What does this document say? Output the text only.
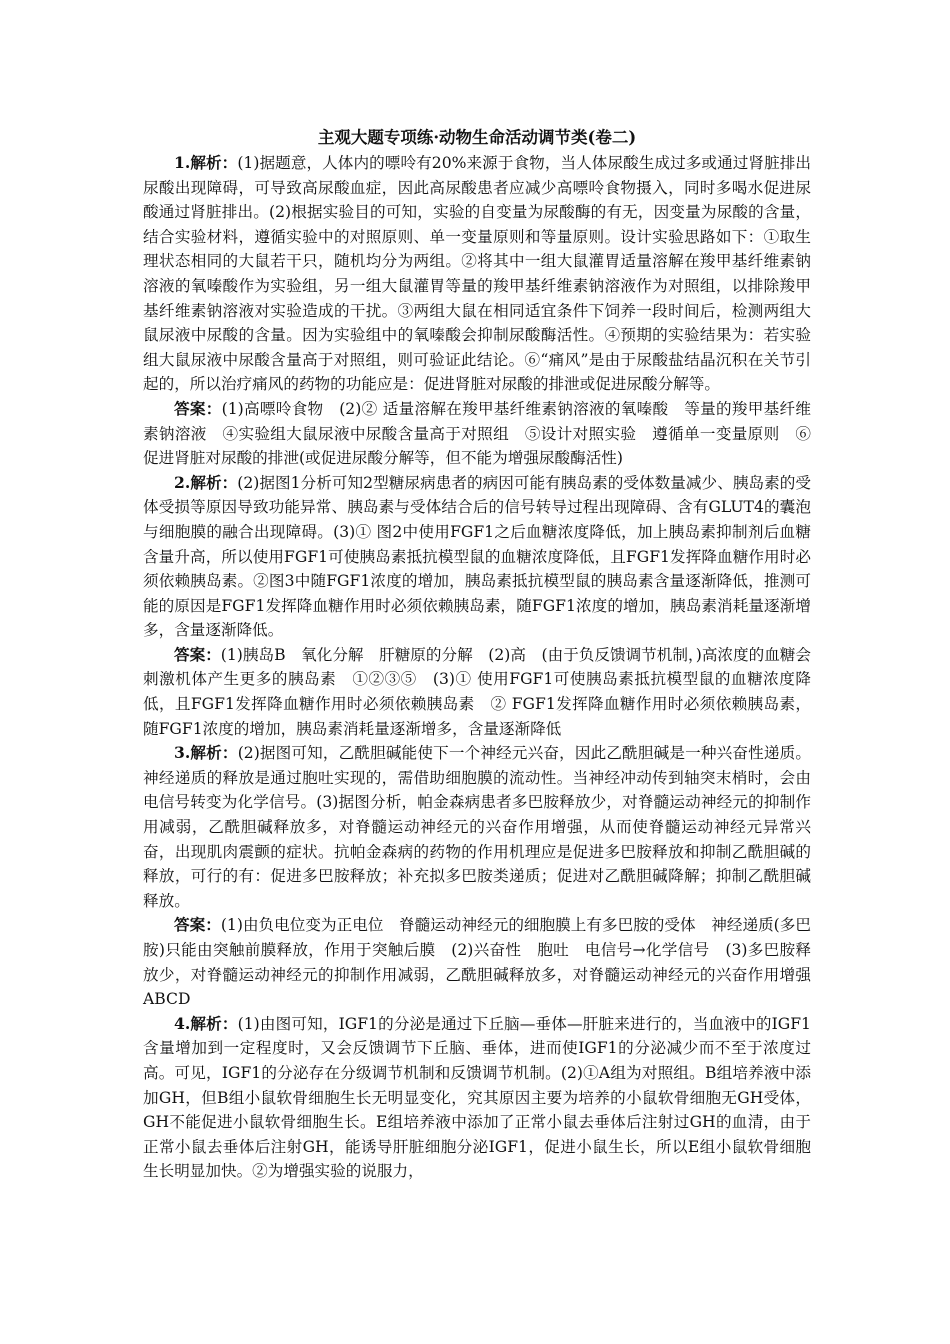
主观大题专项练·动物生命活动调节类(卷二)

1.解析：(1)据题意，人体内的嘌呤有20%来源于食物，当人体尿酸生成过多或通过肾脏排出尿酸出现障碍，可导致高尿酸血症，因此高尿酸患者应减少高嘌呤食物摄入，同时多喝水促进尿酸通过肾脏排出。(2)根据实验目的可知，实验的自变量为尿酸酶的有无，因变量为尿酸的含量，结合实验材料，遵循实验中的对照原则、单一变量原则和等量原则。设计实验思路如下：①取生理状态相同的大鼠若干只，随机均分为两组。②将其中一组大鼠灌胃适量溶解在羧甲基纤维素钠溶液的氧嗪酸作为实验组，另一组大鼠灌胃等量的羧甲基纤维素钠溶液作为对照组，以排除羧甲基纤维素钠溶液对实验造成的干扰。③两组大鼠在相同适宜条件下饲养一段时间后，检测两组大鼠尿液中尿酸的含量。因为实验组中的氧嗪酸会抑制尿酸酶活性。④预期的实验结果为：若实验组大鼠尿液中尿酸含量高于对照组，则可验证此结论。⑥“痛风”是由于尿酸盐结晶沉积在关节引起的，所以治疗痛风的药物的功能应是：促进肾脏对尿酸的排泄或促进尿酸分解等。

答案：(1)高嘌呤食物　(2)② 适量溶解在羧甲基纤维素钠溶液的氧嗪酸　等量的羧甲基纤维素钠溶液　④实验组大鼠尿液中尿酸含量高于对照组　⑤设计对照实验　遵循单一变量原则　⑥促进肾脏对尿酸的排泄(或促进尿酸分解等，但不能为增强尿酸酶活性)

2.解析：(2)据图1分析可知2型糖尿病患者的病因可能有胰岛素的受体数量减少、胰岛素的受体受损等原因导致功能异常、胰岛素与受体结合后的信号转导过程出现障碍、含有GLUT4的囊泡与细胞膜的融合出现障碍。(3)① 图2中使用FGF1之后血糖浓度降低，加上胰岛素抑制剂后血糖含量升高，所以使用FGF1可使胰岛素抵抗模型鼠的血糖浓度降低，且FGF1发挥降血糖作用时必须依赖胰岛素。②图3中随FGF1浓度的增加，胰岛素抵抗模型鼠的胰岛素含量逐渐降低，推测可能的原因是FGF1发挥降血糖作用时必须依赖胰岛素，随FGF1浓度的增加，胰岛素消耗量逐渐增多，含量逐渐降低。

答案：(1)胰岛B　氧化分解　肝糖原的分解　(2)高　(由于负反馈调节机制，)高浓度的血糖会刺激机体产生更多的胰岛素　①②③⑤　(3)① 使用FGF1可使胰岛素抵抗模型鼠的血糖浓度降低，且FGF1发挥降血糖作用时必须依赖胰岛素　② FGF1发挥降血糖作用时必须依赖胰岛素，随FGF1浓度的增加，胰岛素消耗量逐渐增多，含量逐渐降低

3.解析：(2)据图可知，乙酰胆碱能使下一个神经元兴奋，因此乙酰胆碱是一种兴奋性递质。神经递质的释放是通过胞吐实现的，需借助细胞膜的流动性。当神经冲动传到轴突末梢时，会由电信号转变为化学信号。(3)据图分析，帕金森病患者多巴胺释放少，对脊髓运动神经元的抑制作用减弱，乙酰胆碱释放多，对脊髓运动神经元的兴奋作用增强，从而使脊髓运动神经元异常兴奋，出现肌肉震颤的症状。抗帕金森病的药物的作用机理应是促进多巴胺释放和抑制乙酰胆碱的释放，可行的有：促进多巴胺释放；补充拟多巴胺类递质；促进对乙酰胆碱降解；抑制乙酰胆碱释放。

答案：(1)由负电位变为正电位　脊髓运动神经元的细胞膜上有多巴胺的受体　神经递质(多巴胺)只能由突触前膜释放，作用于突触后膜　(2)兴奋性　胞吐　电信号→化学信号　(3)多巴胺释放少，对脊髓运动神经元的抑制作用减弱，乙酰胆碱释放多，对脊髓运动神经元的兴奋作用增强　ABCD

4.解析：(1)由图可知，IGF1的分泌是通过下丘脑—垂体—肝脏来进行的，当血液中的IGF1含量增加到一定程度时，又会反馈调节下丘脑、垂体，进而使IGF1的分泌减少而不至于浓度过高。可见，IGF1的分泌存在分级调节机制和反馈调节机制。(2)①A组为对照组。B组培养液中添加GH，但B组小鼠软骨细胞生长无明显变化，究其原因主要为培养的小鼠软骨细胞无GH受体，GH不能促进小鼠软骨细胞生长。E组培养液中添加了正常小鼠去垂体后注射过GH的血清，由于正常小鼠去垂体后注射GH，能诱导肝脏细胞分泌IGF1，促进小鼠生长，所以E组小鼠软骨细胞生长明显加快。②为增强实验的说服力，
